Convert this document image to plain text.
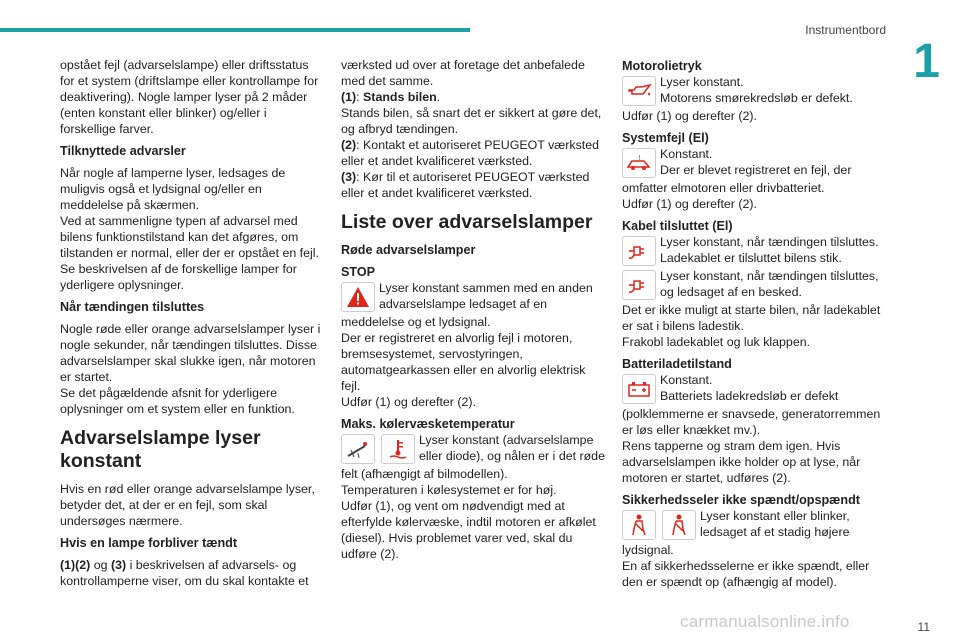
Instrumentbord
1

opstået fejl (advarselslampe) eller driftsstatus for et system (driftslampe eller kontrollampe for deaktivering). Nogle lamper lyser på 2 måder (enten konstant eller blinker) og/eller i forskellige farver.

Tilknyttede advarsler

Når nogle af lamperne lyser, ledsages de muligvis også et lydsignal og/eller en meddelelse på skærmen.

Ved at sammenligne typen af advarsel med bilens funktionstilstand kan det afgøres, om tilstanden er normal, eller der er opstået en fejl. Se beskrivelsen af de forskellige lamper for yderligere oplysninger.

Når tændingen tilsluttes

Nogle røde eller orange advarselslamper lyser i nogle sekunder, når tændingen tilsluttes. Disse advarselslamper skal slukke igen, når motoren er startet.

Se det pågældende afsnit for yderligere oplysninger om et system eller en funktion.

Advarselslampe lyser konstant

Hvis en rød eller orange advarselslampe lyser, betyder det, at der er en fejl, som skal undersøges nærmere.

Hvis en lampe forbliver tændt

(1)(2) og (3) i beskrivelsen af advarsels- og kontrollamperne viser, om du skal kontakte et

værksted ud over at foretage det anbefalede med det samme.

(1): Stands bilen.
Stands bilen, så snart det er sikkert at gøre det, og afbryd tændingen.
(2): Kontakt et autoriseret PEUGEOT værksted eller et andet kvalificeret værksted.
(3): Kør til et autoriseret PEUGEOT værksted eller et andet kvalificeret værksted.
Liste over advarselslamper
Røde advarselslamper
STOP
Lyser konstant sammen med en anden advarselslampe ledsaget af en
meddelelse og et lydsignal.
Der er registreret en alvorlig fejl i motoren, bremsesystemet, servostyringen, automatgearkassen eller en alvorlig elektrisk fejl.

Udfør (1) og derefter (2).

Maks. kølervæsketemperatur
Lyser konstant (advarselslampe eller diode), og nålen er i det røde
felt (afhængigt af bilmodellen).
Temperaturen i kølesystemet er for høj.
Udfør (1), og vent om nødvendigt med at efterfylde kølervæske, indtil motoren er afkølet (diesel). Hvis problemet varer ved, skal du udføre (2).
Motorolietryk
Lyser konstant.
Motorens smørekredsløb er defekt.

Udfør (1) og derefter (2).

Systemfejl (El)
! Konstant.
Der er blevet registreret en fejl, der
omfatter elmotoren eller drivbatteriet.

Udfør (1) og derefter (2).

Kabel tilsluttet (El)
Lyser konstant, når tændingen tilsluttes. Ladekablet er tilsluttet bilens stik.
Lyser konstant, når tændingen tilsluttes, og ledsaget af en besked.
Det er ikke muligt at starte bilen, når ladekablet er sat i bilens ladestik.

Frakobl ladekablet og luk klappen.

Batteriladetilstand
Konstant.
Batteriets ladekredsløb er defekt
(polklemmerne er snavsede, generatorremmen er løs eller knækket mv.).

Rens tapperne og stram dem igen. Hvis advarselslampen ikke holder op at lyse, når motoren er startet, udføres (2).

Sikkerhedsseler ikke spændt/opspændt
Lyser konstant eller blinker, ledsaget af et stadig højere
lydsignal.
En af sikkerhedsselerne er ikke spændt, eller den er spændt op (afhængig af model).
carmanualsonline.info	11
